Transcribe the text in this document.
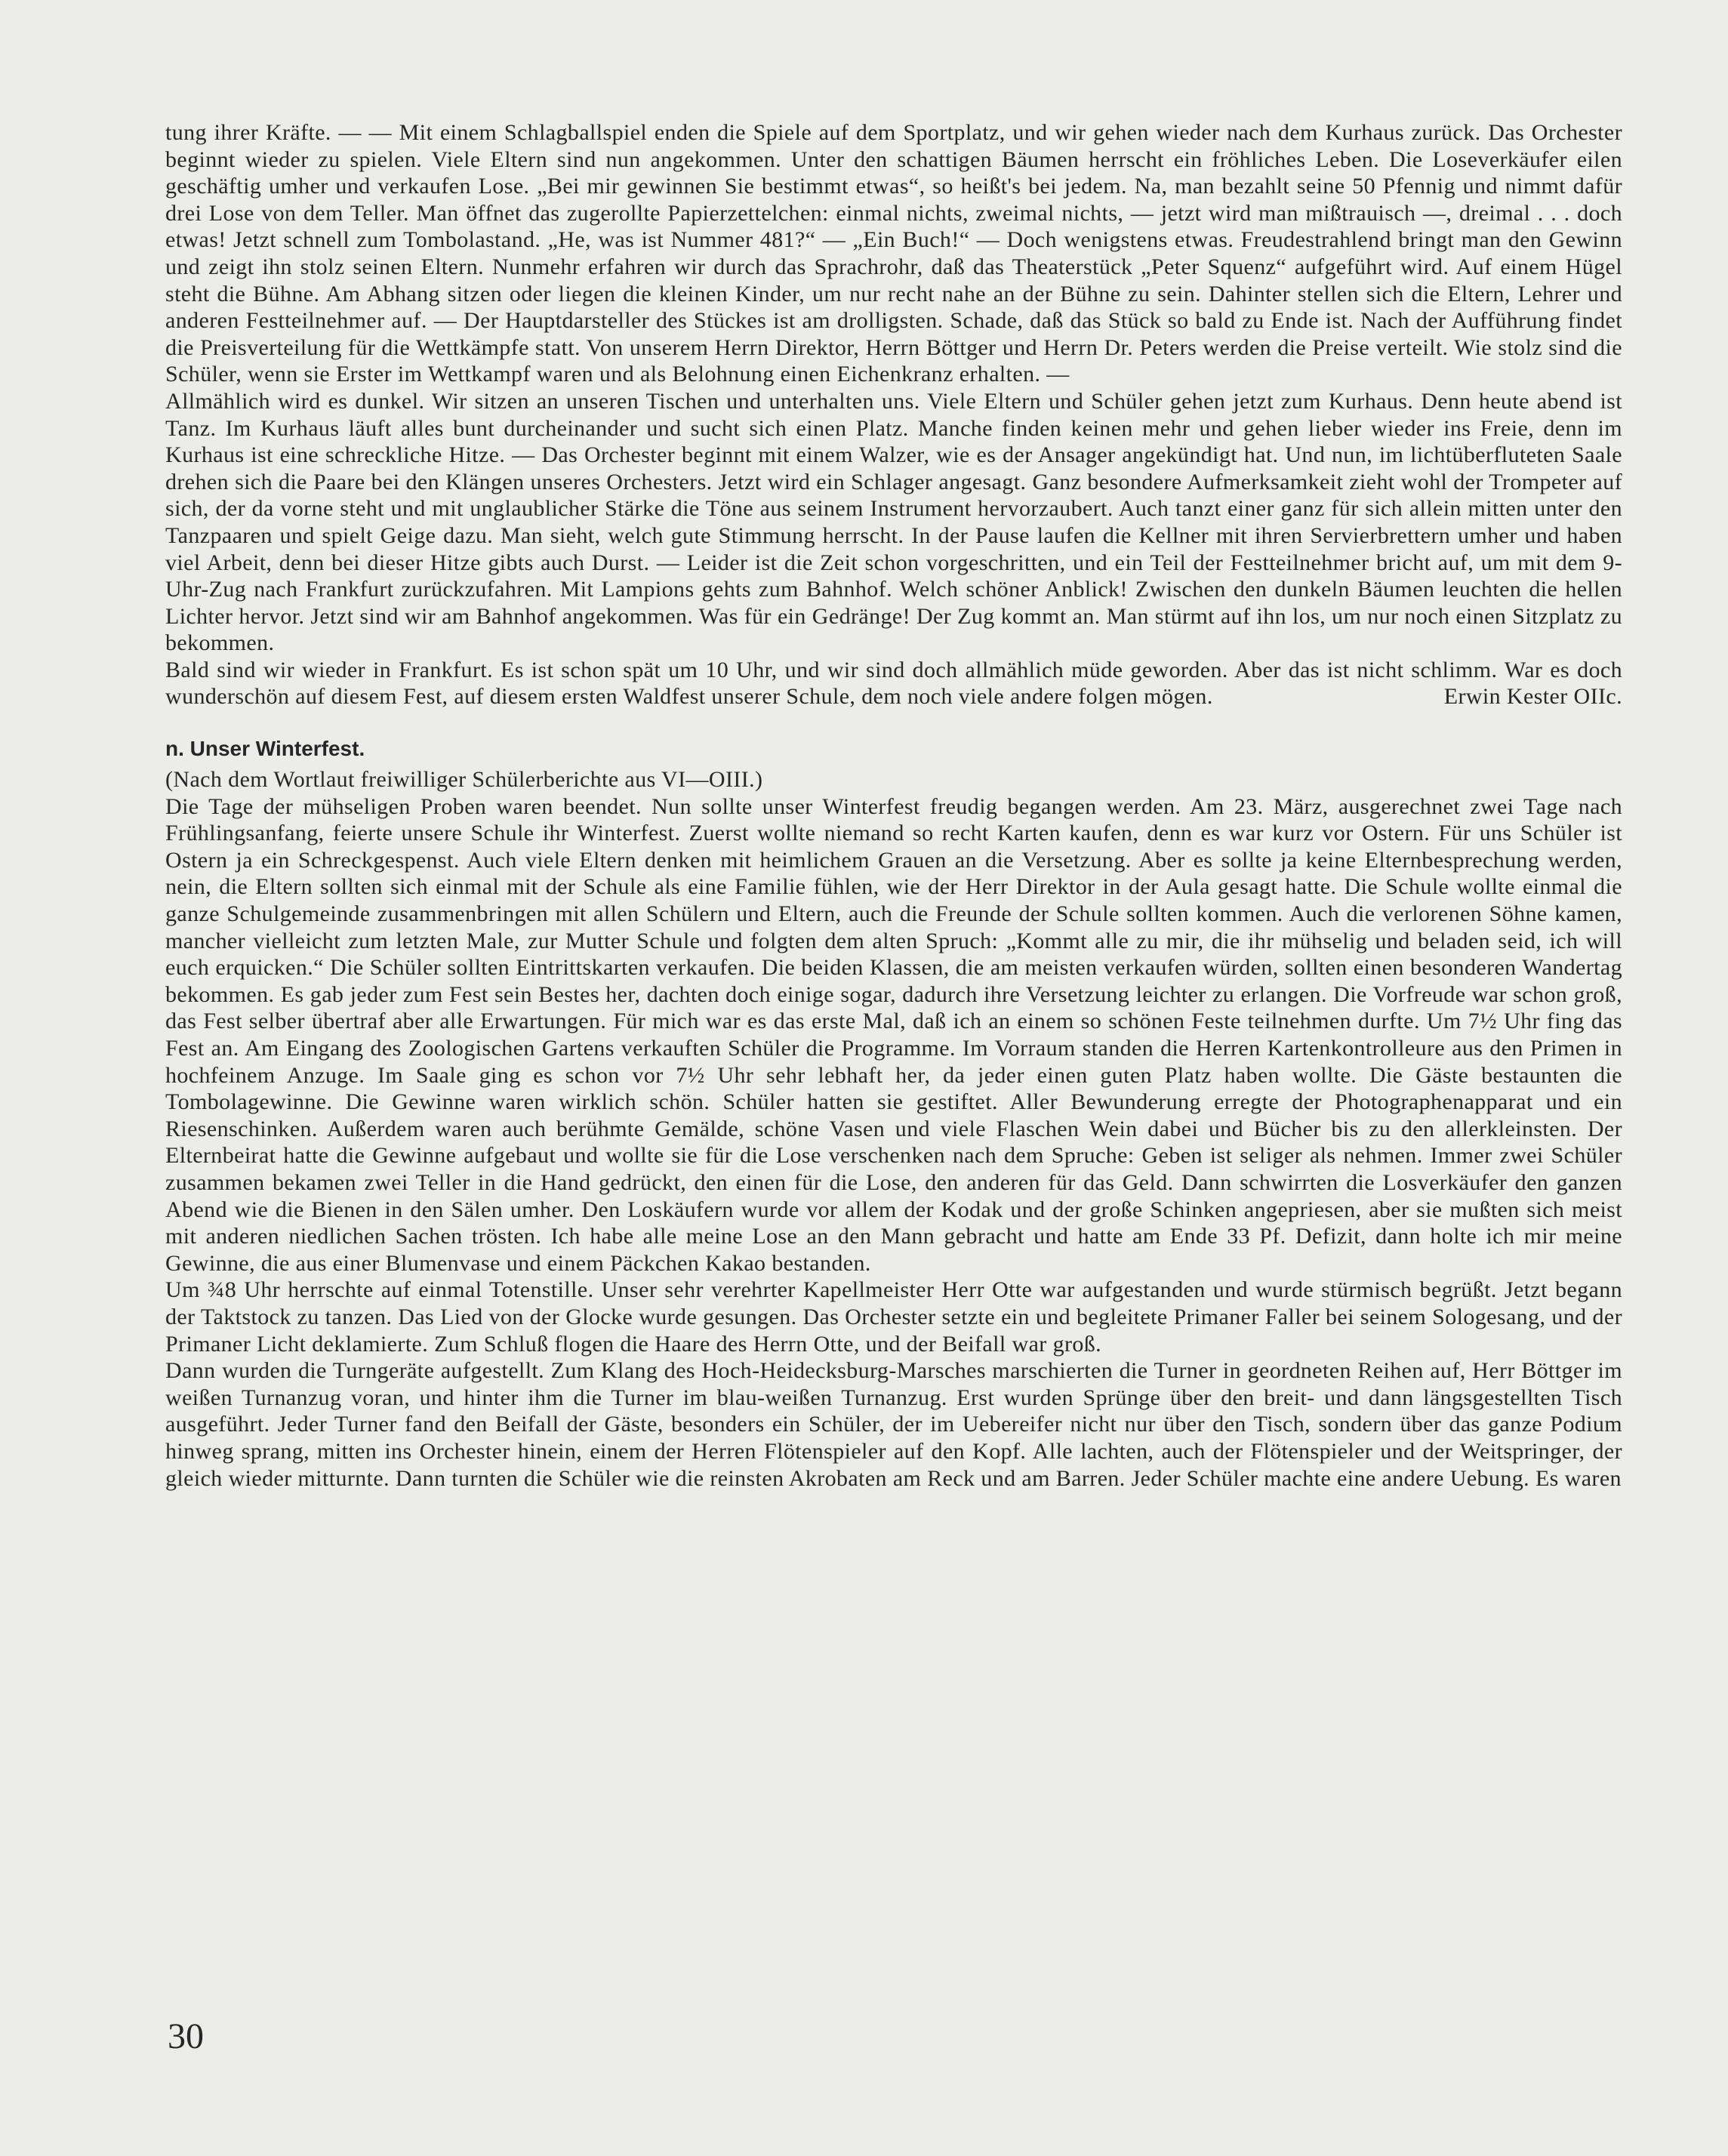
tung ihrer Kräfte. — — Mit einem Schlagballspiel enden die Spiele auf dem Sportplatz, und wir gehen wieder nach dem Kurhaus zurück. Das Orchester beginnt wieder zu spielen. Viele Eltern sind nun angekommen. Unter den schattigen Bäumen herrscht ein fröhliches Leben. Die Loseverkäufer eilen geschäftig umher und verkaufen Lose. „Bei mir gewinnen Sie bestimmt etwas“, so heißt's bei jedem. Na, man bezahlt seine 50 Pfennig und nimmt dafür drei Lose von dem Teller. Man öffnet das zugerollte Papierzettelchen: einmal nichts, zweimal nichts, — jetzt wird man mißtrauisch —, dreimal . . . doch etwas! Jetzt schnell zum Tombolastand. „He, was ist Nummer 481?“ — „Ein Buch!“ — Doch wenigstens etwas. Freudestrahlend bringt man den Gewinn und zeigt ihn stolz seinen Eltern. Nunmehr erfahren wir durch das Sprachrohr, daß das Theaterstück „Peter Squenz“ aufgeführt wird. Auf einem Hügel steht die Bühne. Am Abhang sitzen oder liegen die kleinen Kinder, um nur recht nahe an der Bühne zu sein. Dahinter stellen sich die Eltern, Lehrer und anderen Festteilnehmer auf. — Der Hauptdarsteller des Stückes ist am drolligsten. Schade, daß das Stück so bald zu Ende ist. Nach der Aufführung findet die Preisverteilung für die Wettkämpfe statt. Von unserem Herrn Direktor, Herrn Böttger und Herrn Dr. Peters werden die Preise verteilt. Wie stolz sind die Schüler, wenn sie Erster im Wettkampf waren und als Belohnung einen Eichenkranz erhalten. —

Allmählich wird es dunkel. Wir sitzen an unseren Tischen und unterhalten uns. Viele Eltern und Schüler gehen jetzt zum Kurhaus. Denn heute abend ist Tanz. Im Kurhaus läuft alles bunt durcheinander und sucht sich einen Platz. Manche finden keinen mehr und gehen lieber wieder ins Freie, denn im Kurhaus ist eine schreckliche Hitze. — Das Orchester beginnt mit einem Walzer, wie es der Ansager angekündigt hat. Und nun, im lichtüberfluteten Saale drehen sich die Paare bei den Klängen unseres Orchesters. Jetzt wird ein Schlager angesagt. Ganz besondere Aufmerksamkeit zieht wohl der Trompeter auf sich, der da vorne steht und mit unglaublicher Stärke die Töne aus seinem Instrument hervorzaubert. Auch tanzt einer ganz für sich allein mitten unter den Tanzpaaren und spielt Geige dazu. Man sieht, welch gute Stimmung herrscht. In der Pause laufen die Kellner mit ihren Servierbrettern umher und haben viel Arbeit, denn bei dieser Hitze gibts auch Durst. — Leider ist die Zeit schon vorgeschritten, und ein Teil der Festteilnehmer bricht auf, um mit dem 9-Uhr-Zug nach Frankfurt zurückzufahren. Mit Lampions gehts zum Bahnhof. Welch schöner Anblick! Zwischen den dunkeln Bäumen leuchten die hellen Lichter hervor. Jetzt sind wir am Bahnhof angekommen. Was für ein Gedränge! Der Zug kommt an. Man stürmt auf ihn los, um nur noch einen Sitzplatz zu bekommen.

Bald sind wir wieder in Frankfurt. Es ist schon spät um 10 Uhr, und wir sind doch allmählich müde geworden. Aber das ist nicht schlimm. War es doch wunderschön auf diesem Fest, auf diesem ersten Waldfest unserer Schule, dem noch viele andere folgen mögen.	Erwin Kester OIIc.
n. Unser Winterfest.

(Nach dem Wortlaut freiwilliger Schülerberichte aus VI—OIII.)

Die Tage der mühseligen Proben waren beendet. Nun sollte unser Winterfest freudig begangen werden. Am 23. März, ausgerechnet zwei Tage nach Frühlingsanfang, feierte unsere Schule ihr Winterfest. Zuerst wollte niemand so recht Karten kaufen, denn es war kurz vor Ostern. Für uns Schüler ist Ostern ja ein Schreckgespenst. Auch viele Eltern denken mit heimlichem Grauen an die Versetzung. Aber es sollte ja keine Elternbesprechung werden, nein, die Eltern sollten sich einmal mit der Schule als eine Familie fühlen, wie der Herr Direktor in der Aula gesagt hatte. Die Schule wollte einmal die ganze Schulgemeinde zusammenbringen mit allen Schülern und Eltern, auch die Freunde der Schule sollten kommen. Auch die verlorenen Söhne kamen, mancher vielleicht zum letzten Male, zur Mutter Schule und folgten dem alten Spruch: „Kommt alle zu mir, die ihr mühselig und beladen seid, ich will euch erquicken.“ Die Schüler sollten Eintrittskarten verkaufen. Die beiden Klassen, die am meisten verkaufen würden, sollten einen besonderen Wandertag bekommen. Es gab jeder zum Fest sein Bestes her, dachten doch einige sogar, dadurch ihre Versetzung leichter zu erlangen. Die Vorfreude war schon groß, das Fest selber übertraf aber alle Erwartungen. Für mich war es das erste Mal, daß ich an einem so schönen Feste teilnehmen durfte. Um 7½ Uhr fing das Fest an. Am Eingang des Zoologischen Gartens verkauften Schüler die Programme. Im Vorraum standen die Herren Kartenkontrolleure aus den Primen in hochfeinem Anzuge. Im Saale ging es schon vor 7½ Uhr sehr lebhaft her, da jeder einen guten Platz haben wollte. Die Gäste bestaunten die Tombolagewinne. Die Gewinne waren wirklich schön. Schüler hatten sie gestiftet. Aller Bewunderung erregte der Photographenapparat und ein Riesenschinken. Außerdem waren auch berühmte Gemälde, schöne Vasen und viele Flaschen Wein dabei und Bücher bis zu den allerkleinsten. Der Elternbeirat hatte die Gewinne aufgebaut und wollte sie für die Lose verschenken nach dem Spruche: Geben ist seliger als nehmen. Immer zwei Schüler zusammen bekamen zwei Teller in die Hand gedrückt, den einen für die Lose, den anderen für das Geld. Dann schwirrten die Losverkäufer den ganzen Abend wie die Bienen in den Sälen umher. Den Loskäufern wurde vor allem der Kodak und der große Schinken angepriesen, aber sie mußten sich meist mit anderen niedlichen Sachen trösten. Ich habe alle meine Lose an den Mann gebracht und hatte am Ende 33 Pf. Defizit, dann holte ich mir meine Gewinne, die aus einer Blumenvase und einem Päckchen Kakao bestanden.

Um ¾8 Uhr herrschte auf einmal Totenstille. Unser sehr verehrter Kapellmeister Herr Otte war aufgestanden und wurde stürmisch begrüßt. Jetzt begann der Taktstock zu tanzen. Das Lied von der Glocke wurde gesungen. Das Orchester setzte ein und begleitete Primaner Faller bei seinem Sologesang, und der Primaner Licht deklamierte. Zum Schluß flogen die Haare des Herrn Otte, und der Beifall war groß.

Dann wurden die Turngeräte aufgestellt. Zum Klang des Hoch-Heidecksburg-Marsches marschierten die Turner in geordneten Reihen auf, Herr Böttger im weißen Turnanzug voran, und hinter ihm die Turner im blau-weißen Turnanzug. Erst wurden Sprünge über den breit- und dann längsgestellten Tisch ausgeführt. Jeder Turner fand den Beifall der Gäste, besonders ein Schüler, der im Uebereifer nicht nur über den Tisch, sondern über das ganze Podium hinweg sprang, mitten ins Orchester hinein, einem der Herren Flötenspieler auf den Kopf. Alle lachten, auch der Flötenspieler und der Weitspringer, der gleich wieder mitturnte. Dann turnten die Schüler wie die reinsten Akrobaten am Reck und am Barren. Jeder Schüler machte eine andere Uebung. Es waren

30
